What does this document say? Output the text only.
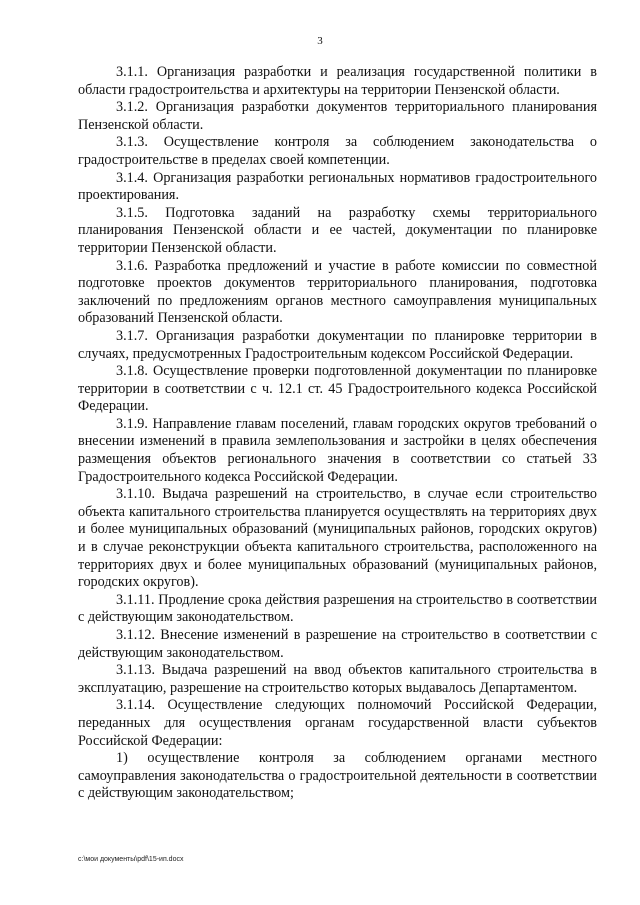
3

3.1.1. Организация разработки и реализация государственной политики в области градостроительства и архитектуры на территории Пензенской области.

3.1.2. Организация разработки документов территориального планирования Пензенской области.

3.1.3. Осуществление контроля за соблюдением законодательства о градостроительстве в пределах своей компетенции.

3.1.4. Организация разработки региональных нормативов градостроительного проектирования.

3.1.5. Подготовка заданий на разработку схемы территориального планирования Пензенской области и ее частей, документации по планировке территории Пензенской области.

3.1.6. Разработка предложений и участие в работе комиссии по совместной подготовке проектов документов территориального планирования, подготовка заключений по предложениям органов местного самоуправления муниципальных образований Пензенской области.

3.1.7. Организация разработки документации по планировке территории в случаях, предусмотренных Градостроительным кодексом Российской Федерации.

3.1.8. Осуществление проверки подготовленной документации по планировке территории в соответствии с ч. 12.1 ст. 45 Градостроительного кодекса Российской Федерации.

3.1.9. Направление главам поселений, главам городских округов требований о внесении изменений в правила землепользования и застройки в целях обеспечения размещения объектов регионального значения в соответствии со статьей 33 Градостроительного кодекса Российской Федерации.

3.1.10. Выдача разрешений на строительство, в случае если строительство объекта капитального строительства планируется осуществлять на территориях двух и более муниципальных образований (муниципальных районов, городских округов) и в случае реконструкции объекта капитального строительства, расположенного на территориях двух и более муниципальных образований (муниципальных районов, городских округов).

3.1.11. Продление срока действия разрешения на строительство в соответствии с действующим законодательством.

3.1.12. Внесение изменений в разрешение на строительство в соответствии с действующим законодательством.

3.1.13. Выдача разрешений на ввод объектов капитального строительства в эксплуатацию, разрешение на строительство которых выдавалось Департаментом.

3.1.14. Осуществление следующих полномочий Российской Федерации, переданных для осуществления органам государственной власти субъектов Российской Федерации:

1) осуществление контроля за соблюдением органами местного самоуправления законодательства о градостроительной деятельности в соответствии с действующим законодательством;

c:\мои документы\pdf\15-ип.docx
